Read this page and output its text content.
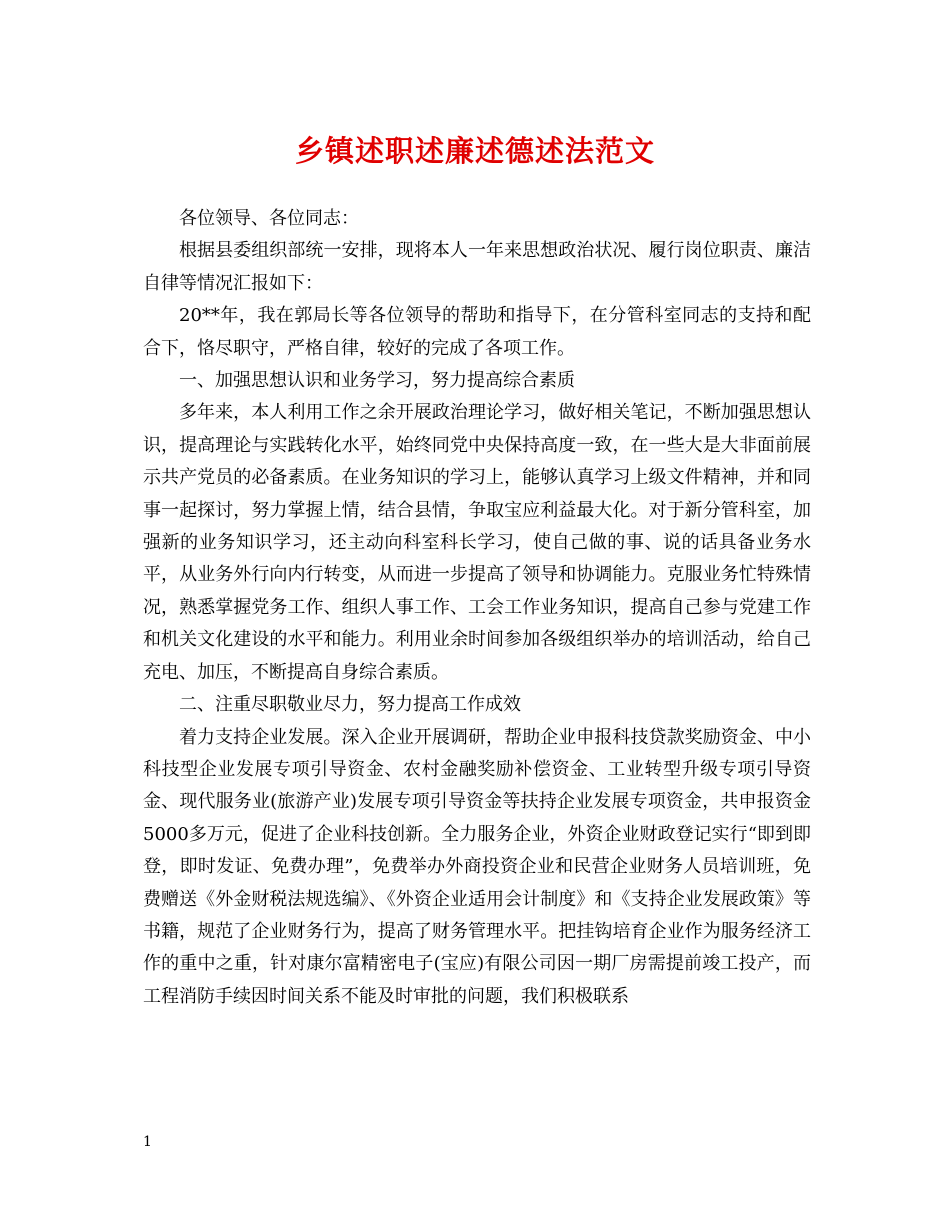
乡镇述职述廉述德述法范文

各位领导、各位同志：

根据县委组织部统一安排，现将本人一年来思想政治状况、履行岗位职责、廉洁自律等情况汇报如下：

20**年，我在郭局长等各位领导的帮助和指导下，在分管科室同志的支持和配合下，恪尽职守，严格自律，较好的完成了各项工作。

一、加强思想认识和业务学习，努力提高综合素质

多年来，本人利用工作之余开展政治理论学习，做好相关笔记，不断加强思想认识，提高理论与实践转化水平，始终同党中央保持高度一致，在一些大是大非面前展示共产党员的必备素质。在业务知识的学习上，能够认真学习上级文件精神，并和同事一起探讨，努力掌握上情，结合县情，争取宝应利益最大化。对于新分管科室，加强新的业务知识学习，还主动向科室科长学习，使自己做的事、说的话具备业务水平，从业务外行向内行转变，从而进一步提高了领导和协调能力。克服业务忙特殊情况，熟悉掌握党务工作、组织人事工作、工会工作业务知识，提高自己参与党建工作和机关文化建设的水平和能力。利用业余时间参加各级组织举办的培训活动，给自己充电、加压，不断提高自身综合素质。

二、注重尽职敬业尽力，努力提高工作成效

着力支持企业发展。深入企业开展调研，帮助企业申报科技贷款奖励资金、中小科技型企业发展专项引导资金、农村金融奖励补偿资金、工业转型升级专项引导资金、现代服务业(旅游产业)发展专项引导资金等扶持企业发展专项资金，共申报资金5000多万元，促进了企业科技创新。全力服务企业，外资企业财政登记实行“即到即登，即时发证、免费办理”，免费举办外商投资企业和民营企业财务人员培训班，免费赠送《外金财税法规选编》、《外资企业适用会计制度》和《支持企业发展政策》等书籍，规范了企业财务行为，提高了财务管理水平。把挂钩培育企业作为服务经济工作的重中之重，针对康尔富精密电子(宝应)有限公司因一期厂房需提前竣工投产，而工程消防手续因时间关系不能及时审批的问题，我们积极联系

1
